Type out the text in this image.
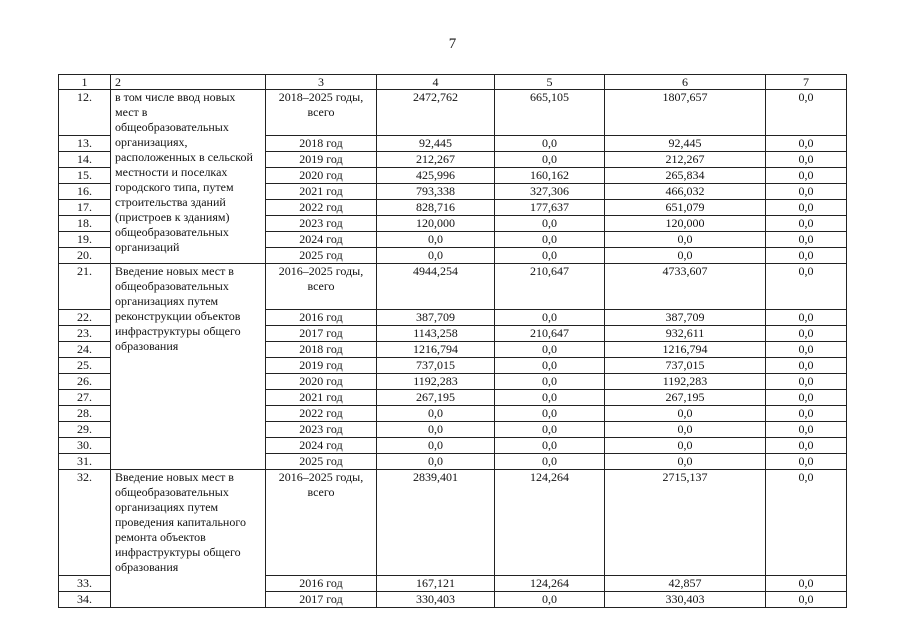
7
1	2	3	4	5	6	7
12.	в том числе ввод новых мест в общеобразовательных организациях, расположенных в сельской местности и поселках городского типа, путем строительства зданий (пристроев к зданиям) общеобразовательных организаций	2018–2025 годы, всего	2472,762	665,105	1807,657	0,0
13.		2018 год	92,445	0,0	92,445	0,0
14.		2019 год	212,267	0,0	212,267	0,0
15.		2020 год	425,996	160,162	265,834	0,0
16.		2021 год	793,338	327,306	466,032	0,0
17.		2022 год	828,716	177,637	651,079	0,0
18.		2023 год	120,000	0,0	120,000	0,0
19.		2024 год	0,0	0,0	0,0	0,0
20.		2025 год	0,0	0,0	0,0	0,0
21.	Введение новых мест в общеобразовательных организациях путем реконструкции объектов инфраструктуры общего образования	2016–2025 годы, всего	4944,254	210,647	4733,607	0,0
22.		2016 год	387,709	0,0	387,709	0,0
23.		2017 год	1143,258	210,647	932,611	0,0
24.		2018 год	1216,794	0,0	1216,794	0,0
25.		2019 год	737,015	0,0	737,015	0,0
26.		2020 год	1192,283	0,0	1192,283	0,0
27.		2021 год	267,195	0,0	267,195	0,0
28.		2022 год	0,0	0,0	0,0	0,0
29.		2023 год	0,0	0,0	0,0	0,0
30.		2024 год	0,0	0,0	0,0	0,0
31.		2025 год	0,0	0,0	0,0	0,0
32.	Введение новых мест в общеобразовательных организациях путем проведения капитального ремонта объектов инфраструктуры общего образования	2016–2025 годы, всего	2839,401	124,264	2715,137	0,0
33.		2016 год	167,121	124,264	42,857	0,0
34.		2017 год	330,403	0,0	330,403	0,0
